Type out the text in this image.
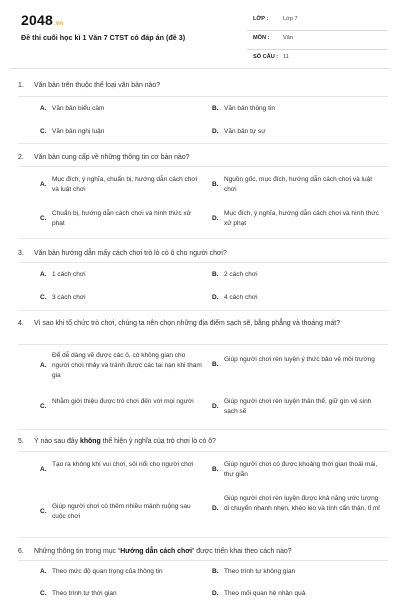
2048.vn
Đề thi cuối học kì 1 Văn 7 CTST có đáp án (đề 3)
LỚP :	Lớp 7
MÔN : Văn
SỐ CÂU : 11
1. Văn bản trên thuộc thể loại văn bản nào?
A. Văn bản biểu cảm	B. Văn bản thông tin
C. Văn bản nghị luận	D. Văn bản tự sự
2. Văn bản cung cấp về những thông tin cơ bản nào?
A.
Mục đích, ý nghĩa, chuẩn bị, hướng dẫn cách chơi và luật chơi
B.
Nguồn gốc, mục đích, hướng dẫn cách chơi và luật chơi
C.
Chuẩn bị, hướng dẫn cách chơi và hình thức xử phạt
D.
Mục đích, ý nghĩa, hướng dẫn cách chơi và hình thức xử phạt
3. Văn bản hướng dẫn mấy cách chơi trò lò cò ô cho người chơi?
A. 1 cách chơi	B. 2 cách chơi
C. 3 cách chơi	D. 4 cách chơi
4. Vì sao khi tổ chức trò chơi, chúng ta nên chọn những địa điểm sạch sẽ, bằng phẳng và thoáng mát?
A.
Để dễ dàng vẽ được các ô, có không gian cho người chơi nhảy và tránh được các tai nạn khi tham gia
B.
Giúp người chơi rèn luyện ý thức bảo vệ môi trường
C.
Nhằm giới thiệu được trò chơi đến với mọi người
D.
Giúp người chơi rèn luyện thân thể, giữ gìn vệ sinh sạch sẽ
5. Ý nào sau đây không thể hiện ý nghĩa của trò chơi lò cò ô?
A.
Tạo ra không khí vui chơi, sôi nổi cho người chơi
B.
Giúp người chơi có được khoảng thời gian thoải mái, thư giãn
C.
Giúp người chơi có thêm nhiều mảnh ruộng sau cuộc chơi
D.
Giúp người chơi rèn luyện được khả năng ước lượng di chuyển nhanh nhẹn, khéo léo và tính cẩn thận, tỉ mỉ
6. Những thông tin trong mục “Hướng dẫn cách chơi” được triển khai theo cách nào?
A. Theo mức độ quan trọng của thông tin	B. Theo trình tự không gian
C. Theo trình tự thời gian	D. Theo mối quan hệ nhân quả
